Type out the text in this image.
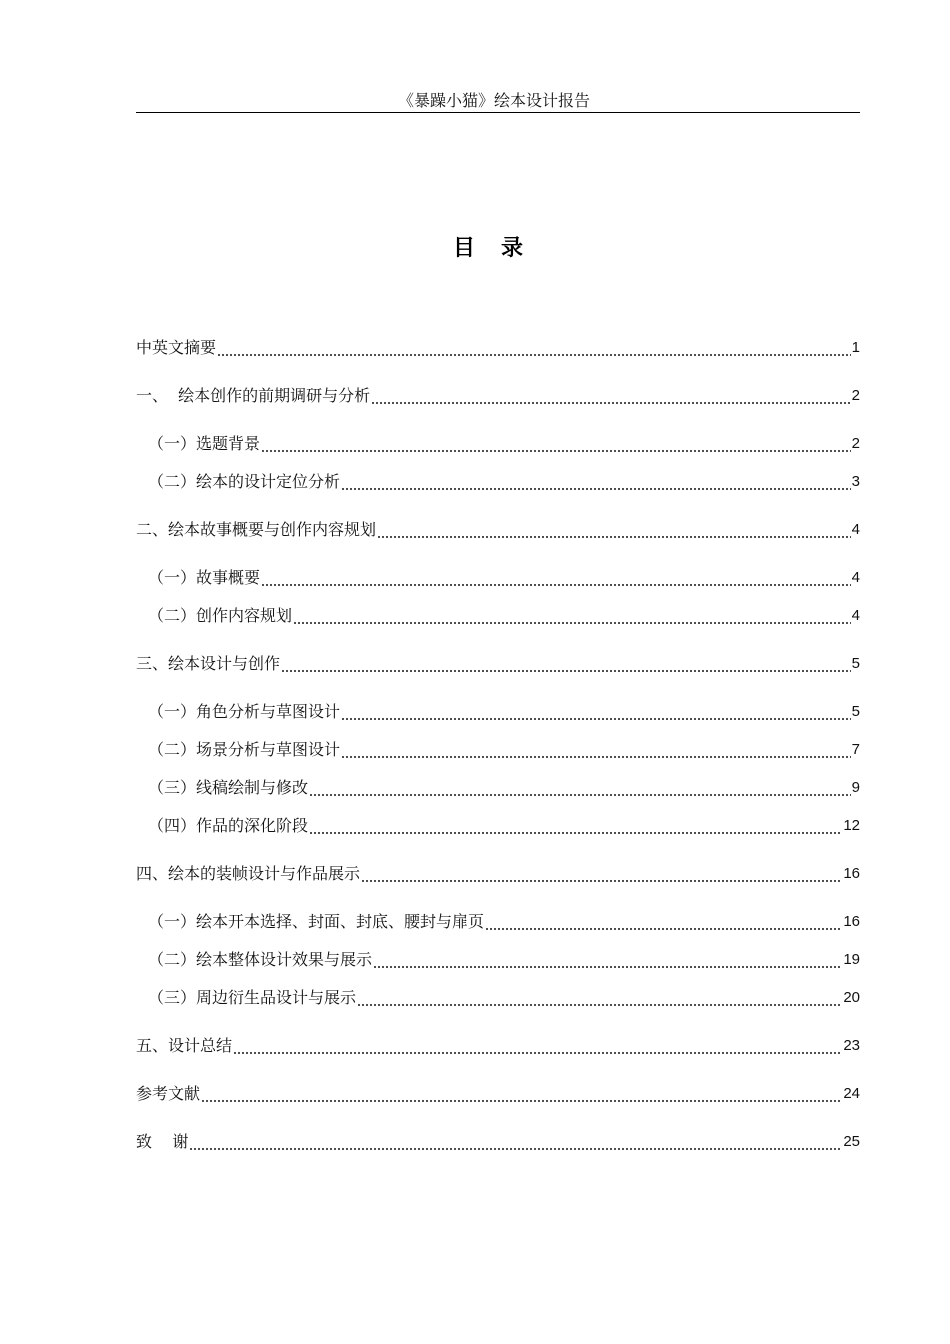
《暴躁小猫》绘本设计报告
目录
中英文摘要	1
一、  绘本创作的前期调研与分析	2
（一）选题背景	2
（二）绘本的设计定位分析	3
二、绘本故事概要与创作内容规划	4
（一）故事概要	4
（二）创作内容规划	4
三、绘本设计与创作	5
（一）角色分析与草图设计	5
（二）场景分析与草图设计	7
（三）线稿绘制与修改	9
（四）作品的深化阶段	12
四、绘本的装帧设计与作品展示	16
（一）绘本开本选择、封面、封底、腰封与扉页	16
（二）绘本整体设计效果与展示	19
（三）周边衍生品设计与展示	20
五、设计总结	23
参考文献	24
致    谢	25
